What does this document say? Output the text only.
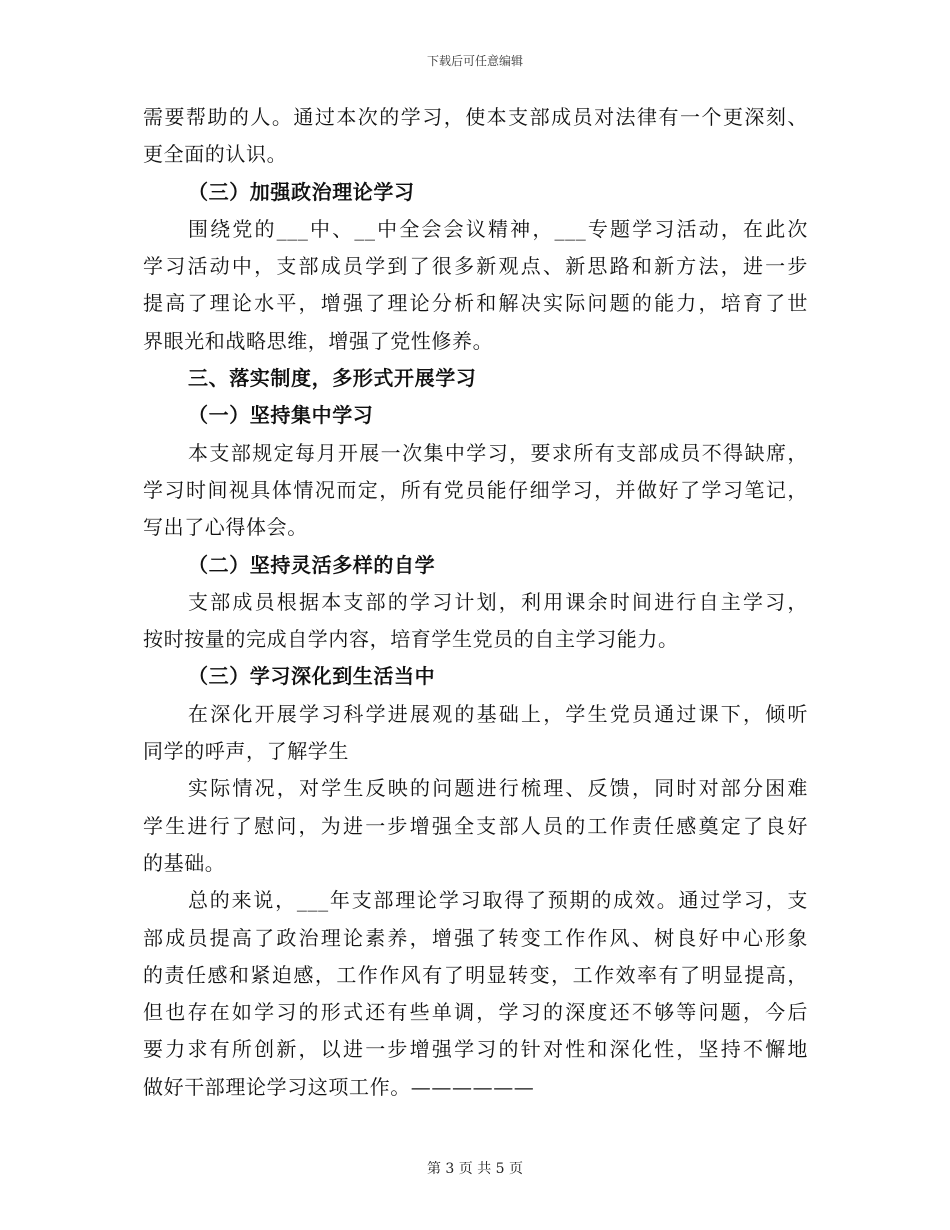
下载后可任意编辑
需要帮助的人。通过本次的学习，使本支部成员对法律有一个更深刻、
更全面的认识。
（三）加强政治理论学习
围绕党的___中、__中全会会议精神，___专题学习活动，在此次
学习活动中，支部成员学到了很多新观点、新思路和新方法，进一步
提高了理论水平，增强了理论分析和解决实际问题的能力，培育了世
界眼光和战略思维，增强了党性修养。
三、落实制度，多形式开展学习
（一）坚持集中学习
本支部规定每月开展一次集中学习，要求所有支部成员不得缺席，
学习时间视具体情况而定，所有党员能仔细学习，并做好了学习笔记，
写出了心得体会。
（二）坚持灵活多样的自学
支部成员根据本支部的学习计划，利用课余时间进行自主学习，
按时按量的完成自学内容，培育学生党员的自主学习能力。
（三）学习深化到生活当中
在深化开展学习科学进展观的基础上，学生党员通过课下，倾听
同学的呼声，了解学生
实际情况，对学生反映的问题进行梳理、反馈，同时对部分困难
学生进行了慰问，为进一步增强全支部人员的工作责任感奠定了良好
的基础。
总的来说，___年支部理论学习取得了预期的成效。通过学习，支
部成员提高了政治理论素养，增强了转变工作作风、树良好中心形象
的责任感和紧迫感，工作作风有了明显转变，工作效率有了明显提高，
但也存在如学习的形式还有些单调，学习的深度还不够等问题，今后
要力求有所创新，以进一步增强学习的针对性和深化性，坚持不懈地
做好干部理论学习这项工作。——————
第 3 页 共 5 页
